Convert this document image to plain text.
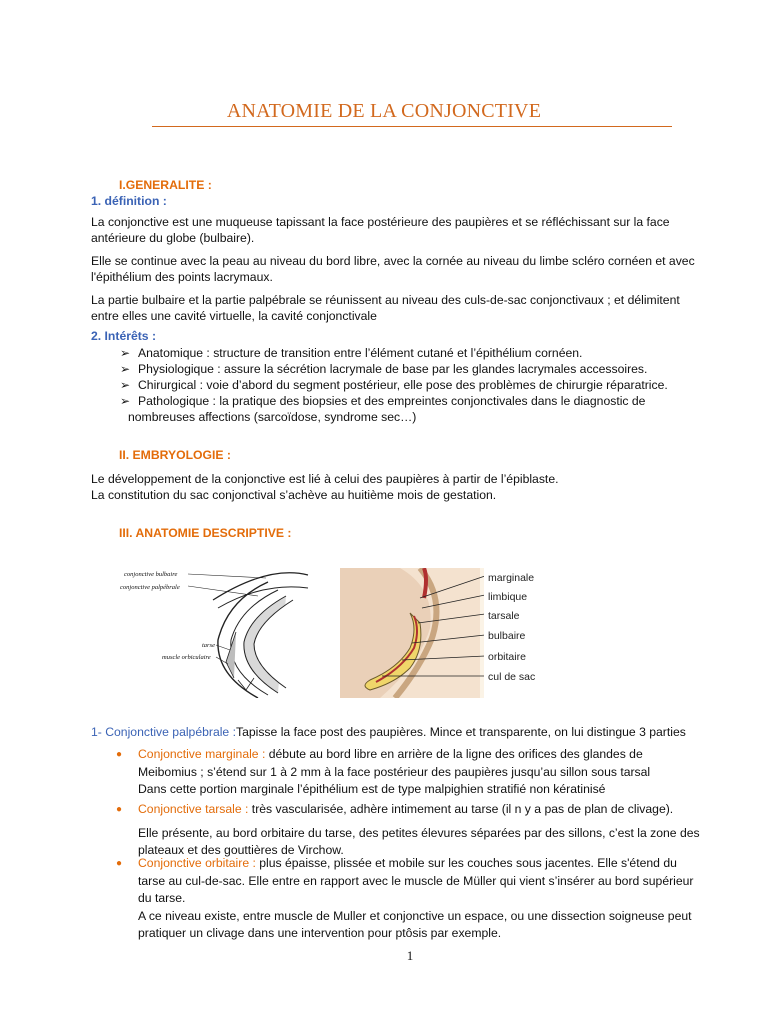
ANATOMIE DE LA CONJONCTIVE
I.GENERALITE :
1. définition :
La conjonctive est une muqueuse tapissant la face postérieure des paupières et se réfléchissant sur la face
antérieure du globe (bulbaire).
Elle se continue avec la peau au niveau du bord libre, avec la cornée au niveau du limbe scléro cornéen et avec
l'épithélium des points lacrymaux.
La partie bulbaire et la partie palpébrale se réunissent au niveau des culs-de-sac conjonctivaux ; et délimitent
entre elles une cavité virtuelle, la cavité conjonctivale
2. Intérêts :
➢ Anatomique : structure de transition entre l’élément cutané et l’épithélium cornéen.
➢ Physiologique : assure la sécrétion lacrymale de base par les glandes lacrymales accessoires.
➢ Chirurgical : voie d’abord du segment postérieur, elle pose des problèmes de chirurgie réparatrice.
➢ Pathologique : la pratique des biopsies et des empreintes conjonctivales dans le diagnostic de
nombreuses affections (sarcoïdose, syndrome sec…)
II. EMBRYOLOGIE :
Le développement de la conjonctive est lié à celui des paupières à partir de l’épiblaste.
La constitution du sac conjonctival s’achève au huitième mois de gestation.
III. ANATOMIE DESCRIPTIVE :
conjonctive bulbaire
conjonctive palpébrale
tarse
muscle orbiculaire
marginale
limbique
tarsale
bulbaire
orbitaire
cul de sac
1- Conjonctive palpébrale :Tapisse la face post des paupières. Mince et transparente, on lui distingue 3 parties
●	Conjonctive marginale : débute au bord libre en arrière de la ligne des orifices des glandes de
Meibomius ; s’étend sur 1 à 2 mm à la face postérieur des paupières jusqu’au sillon sous tarsal
Dans cette portion marginale l’épithélium est de type malpighien stratifié non kératinisé
●	Conjonctive tarsale : très vascularisée, adhère intimement au tarse (il n y a pas de plan de clivage).
Elle présente, au bord orbitaire du tarse, des petites élevures séparées par des sillons, c’est la zone des
plateaux et des gouttières de Virchow.
●	Conjonctive orbitaire : plus épaisse, plissée et mobile sur les couches sous jacentes. Elle s'étend du
tarse au cul-de-sac. Elle entre en rapport avec le muscle de Müller qui vient s’insérer au bord supérieur
du tarse.
A ce niveau existe, entre muscle de Muller et conjonctive un espace, ou une dissection soigneuse peut
pratiquer un clivage dans une intervention pour ptôsis par exemple.
1
